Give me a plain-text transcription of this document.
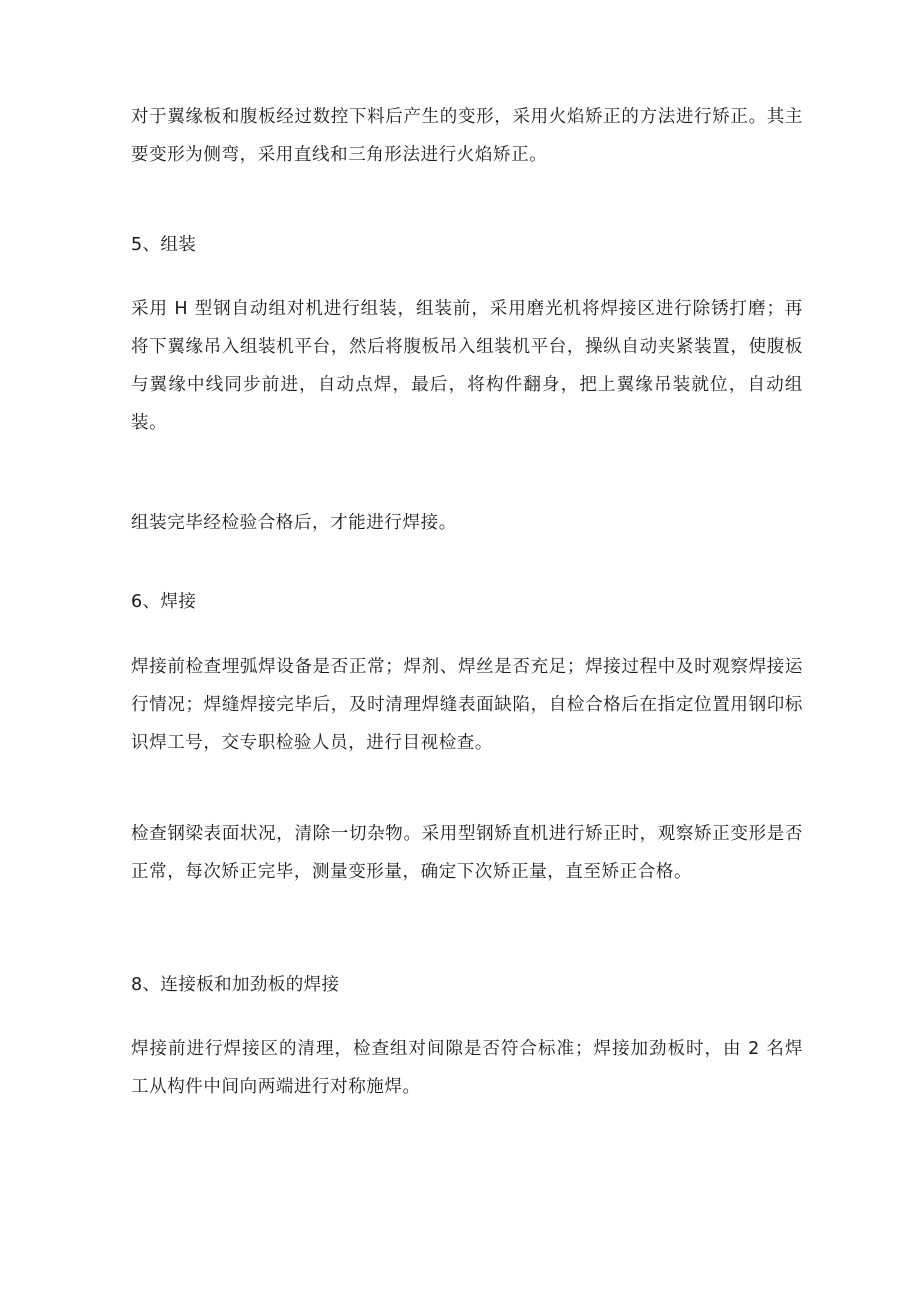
对于翼缘板和腹板经过数控下料后产生的变形，采用火焰矫正的方法进行矫正。其主要变形为侧弯，采用直线和三角形法进行火焰矫正。

5、组装

采用 H 型钢自动组对机进行组装，组装前，采用磨光机将焊接区进行除锈打磨；再将下翼缘吊入组装机平台，然后将腹板吊入组装机平台，操纵自动夹紧装置，使腹板与翼缘中线同步前进，自动点焊，最后，将构件翻身，把上翼缘吊装就位，自动组装。

组装完毕经检验合格后，才能进行焊接。

6、焊接

焊接前检查埋弧焊设备是否正常；焊剂、焊丝是否充足；焊接过程中及时观察焊接运行情况；焊缝焊接完毕后，及时清理焊缝表面缺陷，自检合格后在指定位置用钢印标识焊工号，交专职检验人员，进行目视检查。

检查钢梁表面状况，清除一切杂物。采用型钢矫直机进行矫正时，观察矫正变形是否正常，每次矫正完毕，测量变形量，确定下次矫正量，直至矫正合格。

8、连接板和加劲板的焊接

焊接前进行焊接区的清理，检查组对间隙是否符合标准；焊接加劲板时，由 2 名焊工从构件中间向两端进行对称施焊。
